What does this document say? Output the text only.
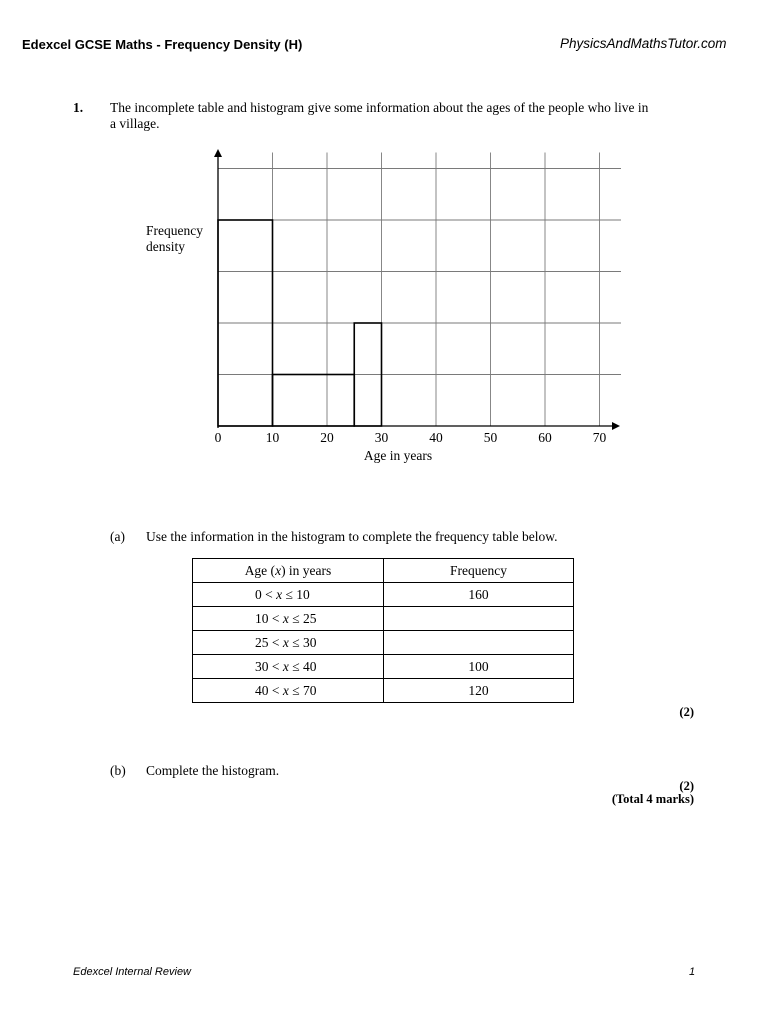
Edexcel GCSE Maths - Frequency Density (H)	PhysicsAndMathsTutor.com
1. The incomplete table and histogram give some information about the ages of the people who live in a village.
0	10	20	30	40	50	60	70
Frequency
density
Age in years
(a) Use the information in the histogram to complete the frequency table below.
Age (x) in years	Frequency
0 < x ≤ 10	160
10 < x ≤ 25	
25 < x ≤ 30	
30 < x ≤ 40	100
40 < x ≤ 70	120
(2)
(b) Complete the histogram.
(2)
(Total 4 marks)
Edexcel Internal Review	1
